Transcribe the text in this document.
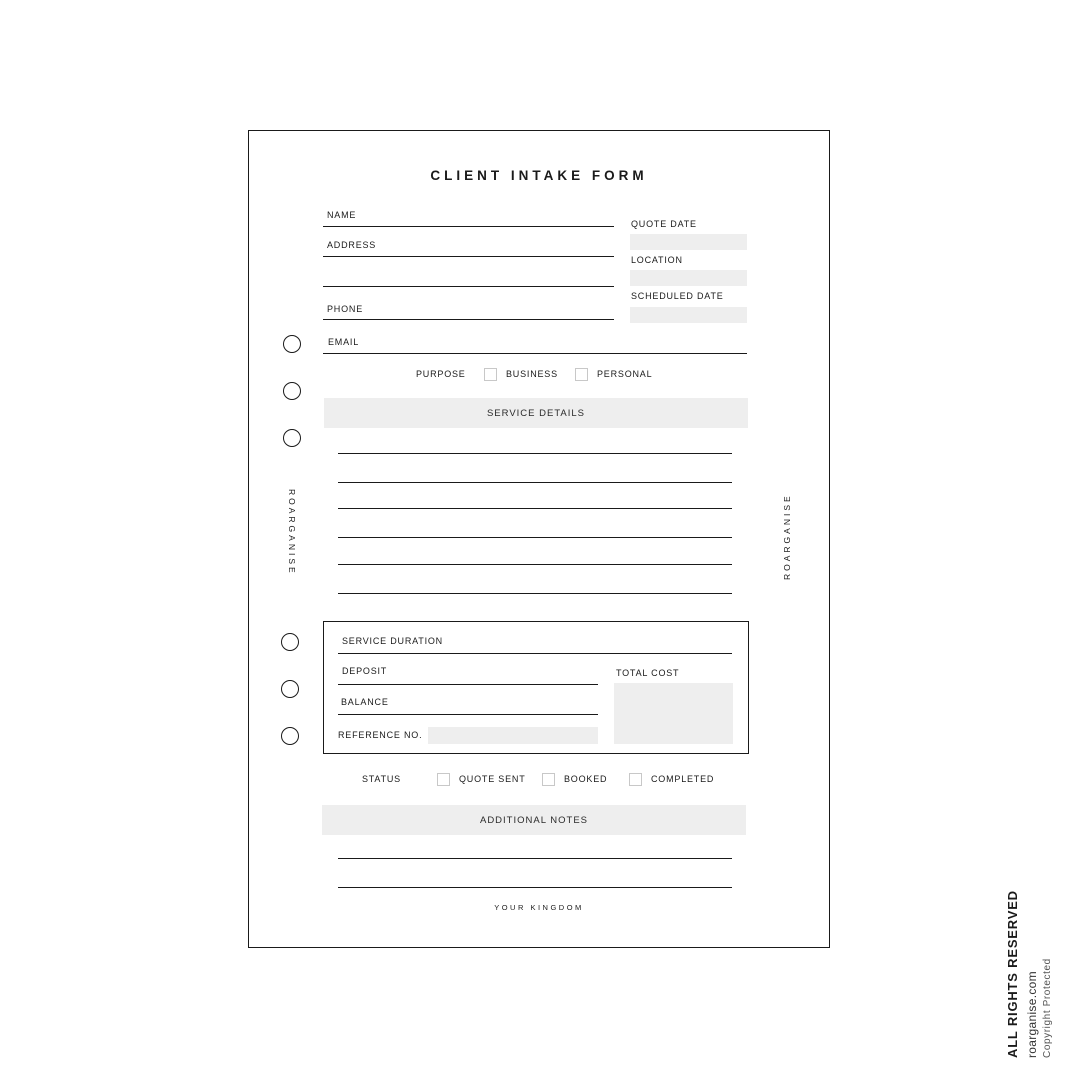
CLIENT INTAKE FORM
ROARGANISE	ROARGANISE
NAME
ADDRESS
PHONE
EMAIL
QUOTE DATE
LOCATION
SCHEDULED DATE
PURPOSE	BUSINESS	PERSONAL
SERVICE DETAILS
SERVICE DURATION
DEPOSIT
BALANCE
REFERENCE NO.
TOTAL COST
STATUS	QUOTE SENT	BOOKED	COMPLETED
ADDITIONAL NOTES
YOUR KINGDOM	ALL RIGHTS RESERVED roarganise.com Copyright Protected
